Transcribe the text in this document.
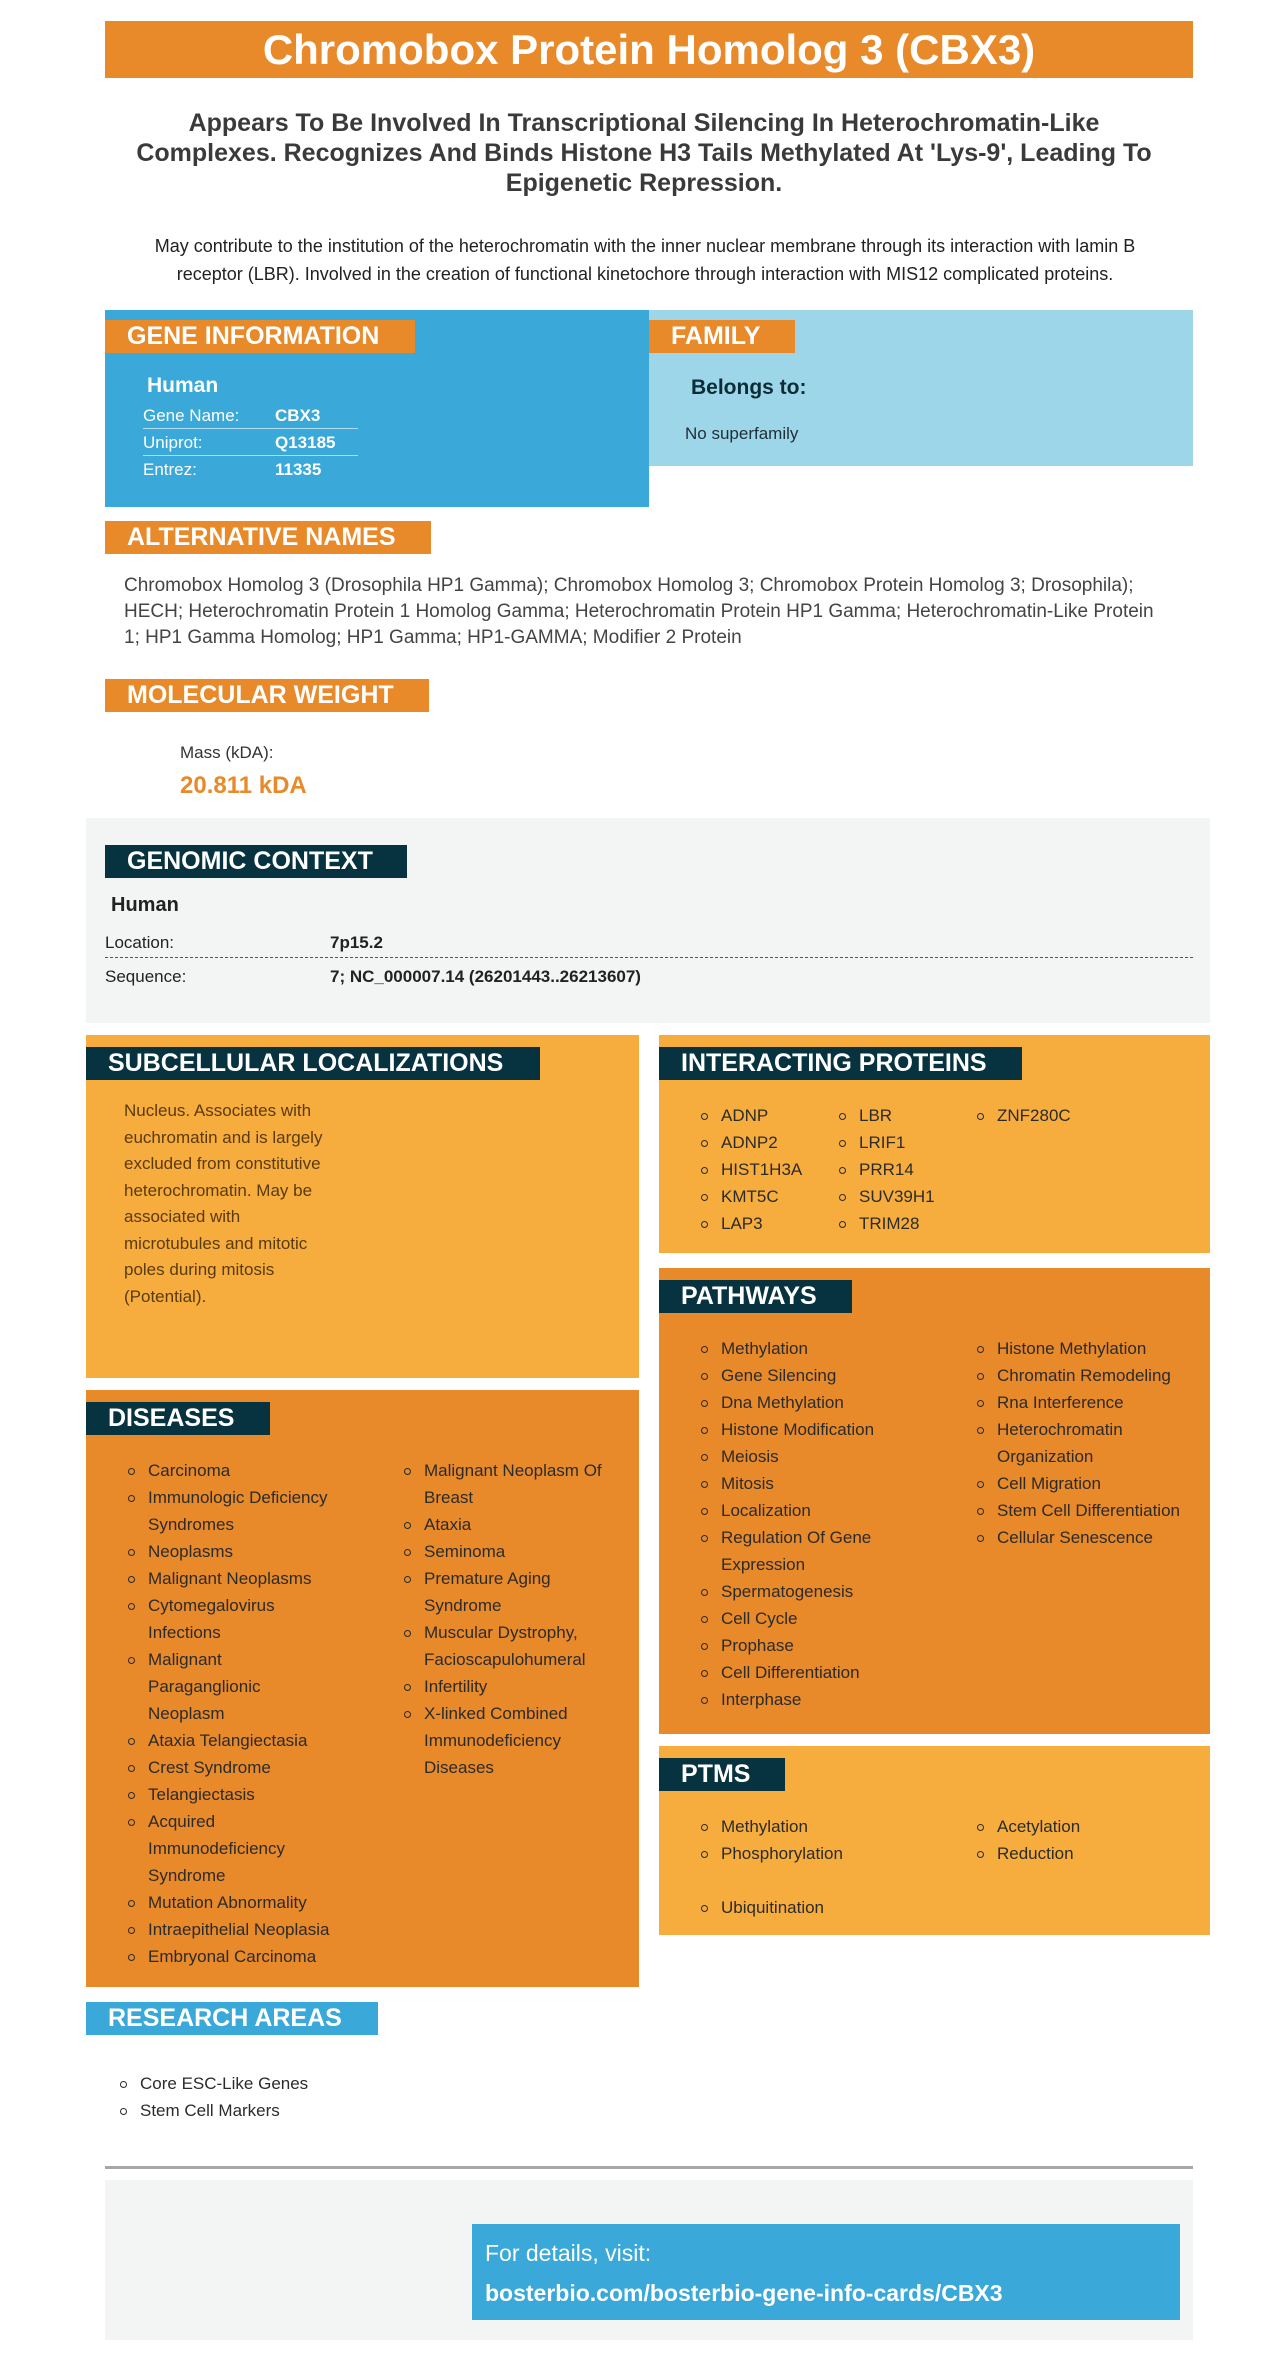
Chromobox Protein Homolog 3 (CBX3)
Appears To Be Involved In Transcriptional Silencing In Heterochromatin-Like Complexes. Recognizes And Binds Histone H3 Tails Methylated At 'Lys-9', Leading To Epigenetic Repression.
May contribute to the institution of the heterochromatin with the inner nuclear membrane through its interaction with lamin B receptor (LBR). Involved in the creation of functional kinetochore through interaction with MIS12 complicated proteins.
GENE INFORMATION
Human
Gene Name: CBX3
Uniprot:	Q13185
Entrez:	11335
FAMILY
Belongs to:
No superfamily
ALTERNATIVE NAMES
Chromobox Homolog 3 (Drosophila HP1 Gamma); Chromobox Homolog 3; Chromobox Protein Homolog 3; Drosophila); HECH; Heterochromatin Protein 1 Homolog Gamma; Heterochromatin Protein HP1 Gamma; Heterochromatin-Like Protein 1; HP1 Gamma Homolog; HP1 Gamma; HP1-GAMMA; Modifier 2 Protein
MOLECULAR WEIGHT
Mass (kDA):
20.811 kDA
GENOMIC CONTEXT
Human
Location:	7p15.2
Sequence:	7; NC_000007.14 (26201443..26213607)
SUBCELLULAR LOCALIZATIONS
Nucleus. Associates with euchromatin and is largely excluded from constitutive heterochromatin. May be associated with microtubules and mitotic poles during mitosis (Potential).
INTERACTING PROTEINS
ADNP
ADNP2
HIST1H3A
KMT5C
LAP3
LBR
LRIF1
PRR14
SUV39H1
TRIM28
ZNF280C
PATHWAYS
Methylation
Gene Silencing
Dna Methylation
Histone Modification
Meiosis
Mitosis
Localization
Regulation Of Gene Expression
Spermatogenesis
Cell Cycle
Prophase
Cell Differentiation
Interphase
Histone Methylation
Chromatin Remodeling
Rna Interference
Heterochromatin Organization
Cell Migration
Stem Cell Differentiation
Cellular Senescence
DISEASES
Carcinoma
Immunologic Deficiency Syndromes
Neoplasms
Malignant Neoplasms
Cytomegalovirus Infections
Malignant Paraganglionic Neoplasm
Ataxia Telangiectasia
Crest Syndrome
Telangiectasis
Acquired Immunodeficiency Syndrome
Mutation Abnormality
Intraepithelial Neoplasia
Embryonal Carcinoma
Malignant Neoplasm Of Breast
Ataxia
Seminoma
Premature Aging Syndrome
Muscular Dystrophy, Facioscapulohumeral
Infertility
X-linked Combined Immunodeficiency Diseases	PTMS
Methylation
Phosphorylation
Acetylation
Reduction
Ubiquitination
RESEARCH AREAS
Core ESC-Like Genes
Stem Cell Markers
For details, visit:
bosterbio.com/bosterbio-gene-info-cards/CBX3
